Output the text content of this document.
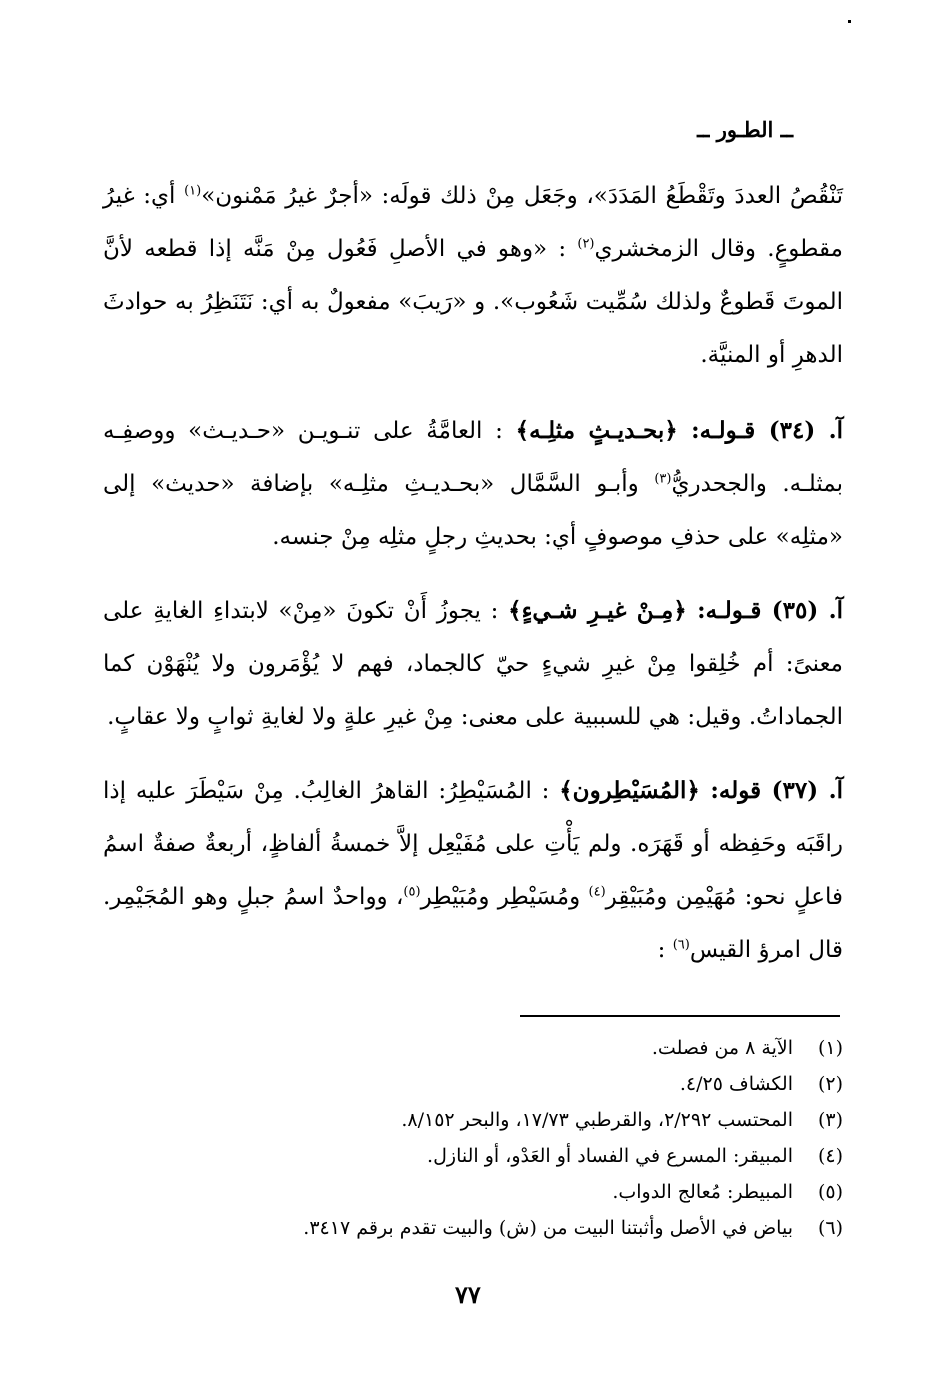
ــ الطـور ــ

تَنْقُصُ العددَ وتَقْطَعُ المَدَدَ»، وجَعَل مِنْ ذلك قولَه: «أجرٌ غيرُ مَمْنون»$^{(١)}$ أي: غيرُ مقطوعٍ. وقال الزمخشري$^{(٢)}$ : «وهو في الأصلِ فَعُول مِنْ مَنَّه إذا قطعه لأنَّ الموتَ قَطوعٌ ولذلك سُمِّيت شَعُوب». و «رَيبَ» مفعولٌ به أي: نَتَنَظِرُ به حوادثَ الدهرِ أو المنيَّة.

آ. (٣٤) قـولـه: ﴿بحـديـثٍ مثلِـه﴾ : العامَّةُ على تنـويـن «حـديـث» ووصفِـه بمثلـه. والجحدريُّ$^{(٣)}$ وأبـو السَّمَّال «بحـديـثِ مثلِـه» بإضافة «حديث» إلى «مثلِه» على حذفِ موصوفٍ أي: بحديثِ رجلٍ مثلِه مِنْ جنسه.

آ. (٣٥) قـولـه: ﴿مِـنْ غيـرِ شـيءٍ﴾ : يجوزُ أَنْ تكونَ «مِنْ» لابتداءِ الغايةِ على معنىً: أم خُلِقوا مِنْ غيرِ شيءٍ حيّ كالجماد، فهم لا يُؤْمَرون ولا يُنْهَوْن كما الجماداتُ. وقيل: هي للسببية على معنى: مِنْ غيرِ علةٍ ولا لغايةِ ثوابٍ ولا عقابٍ.

آ. (٣٧) قوله: ﴿المُسَيْطِرون﴾ : المُسَيْطِرُ: القاهرُ الغالِبُ. مِنْ سَيْطَرَ عليه إذا راقَبَه وحَفِظه أو قَهَرَه. ولم يَأْتِ على مُفَيْعِل إلاَّ خمسةُ ألفاظٍ، أربعةٌ صفةٌ اسمُ فاعلٍ نحو: مُهَيْمِن ومُبَيْقِر$^{(٤)}$ ومُسَيْطِر ومُبَيْطِر$^{(٥)}$، وواحدٌ اسمُ جبلٍ وهو المُجَيْمِر. قال امرؤ القيس$^{(٦)}$ :

(١)
الآية ٨ من فصلت.
(٢)
الكشاف ٤/٢٥.
(٣)
المحتسب ٢/٢٩٢، والقرطبي ١٧/٧٣، والبحر ٨/١٥٢.
(٤)
المبيقر: المسرع في الفساد أو العَدْو، أو النازل.
(٥)
المبيطر: مُعالج الدواب.
(٦)
بياض في الأصل وأثبتنا البيت من (ش) والبيت تقدم برقم ٣٤١٧.
٧٧
